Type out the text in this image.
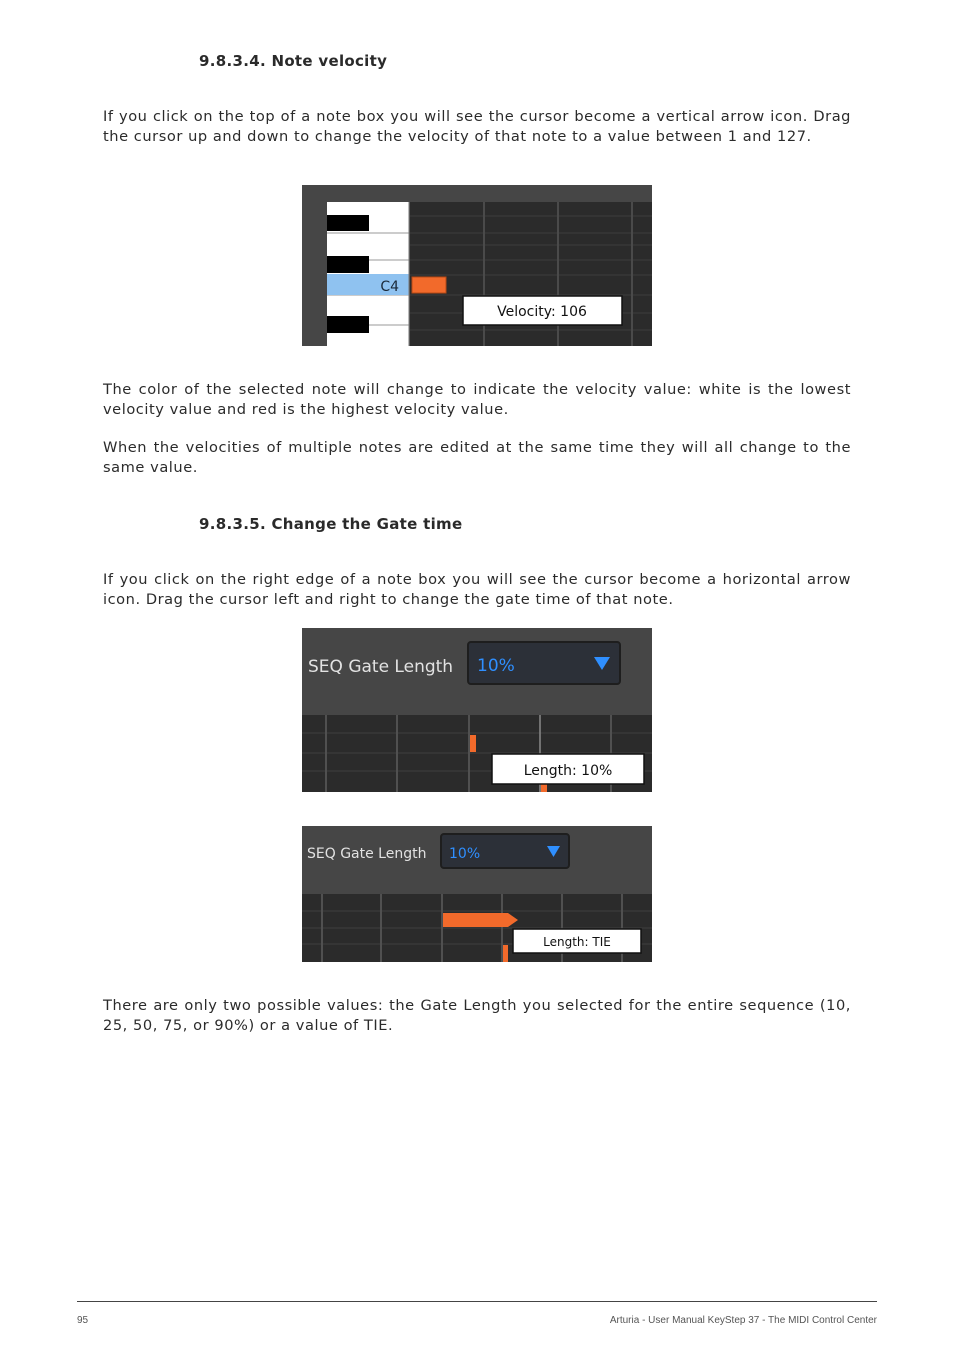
9.8.3.4. Note velocity

If you click on the top of a note box you will see the cursor become a vertical arrow icon. Drag the cursor up and down to change the velocity of that note to a value between 1 and 127.

C4
Velocity: 106

The color of the selected note will change to indicate the velocity value: white is the lowest velocity value and red is the highest velocity value.

When the velocities of multiple notes are edited at the same time they will all change to the same value.

9.8.3.5. Change the Gate time

If you click on the right edge of a note box you will see the cursor become a horizontal arrow icon. Drag the cursor left and right to change the gate time of that note.

SEQ Gate Length 10%
Length: 10%
SEQ Gate Length 10%
Length: TIE

There are only two possible values: the Gate Length you selected for the entire sequence (10, 25, 50, 75, or 90%) or a value of TIE.

95	Arturia - User Manual KeyStep 37 - The MIDI Control Center
